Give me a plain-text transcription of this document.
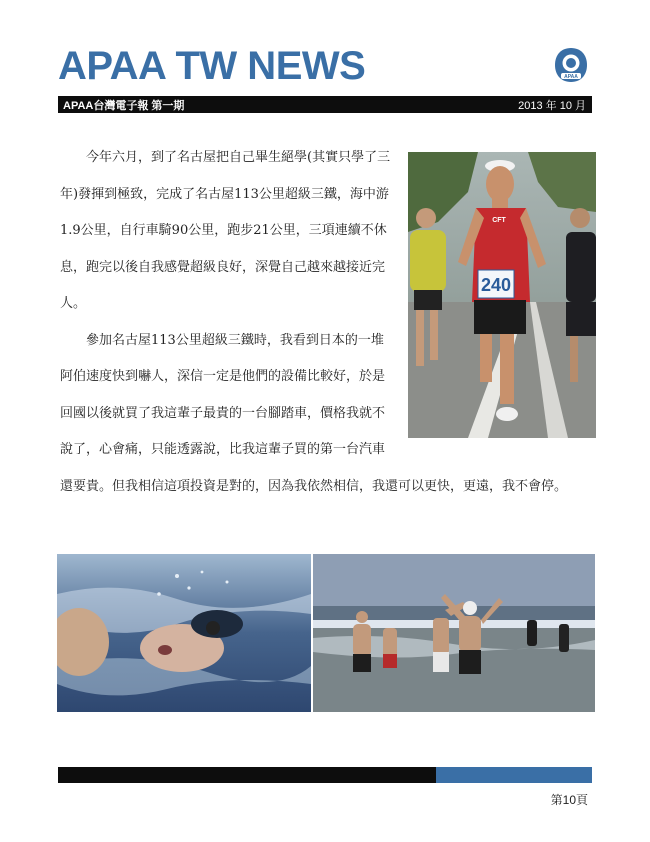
APAA TW NEWS	APAA
APAA台灣電子報 第一期	2013 年 10 月
CFT
240

今年六月，到了名古屋把自己畢生絕學(其實只學了三年)發揮到極致，完成了名古屋113公里超級三鐵，海中游1.9公里，自行車騎90公里，跑步21公里，三項連續不休息，跑完以後自我感覺超級良好，深覺自己越來越接近完人。

參加名古屋113公里超級三鐵時，我看到日本的一堆阿伯速度快到嚇人，深信一定是他們的設備比較好，於是回國以後就買了我這輩子最貴的一台腳踏車，價格我就不說了，心會痛，只能透露說，比我這輩子買的第一台汽車還要貴。但我相信這項投資是對的，因為我依然相信，我還可以更快，更遠，我不會停。

第10頁
